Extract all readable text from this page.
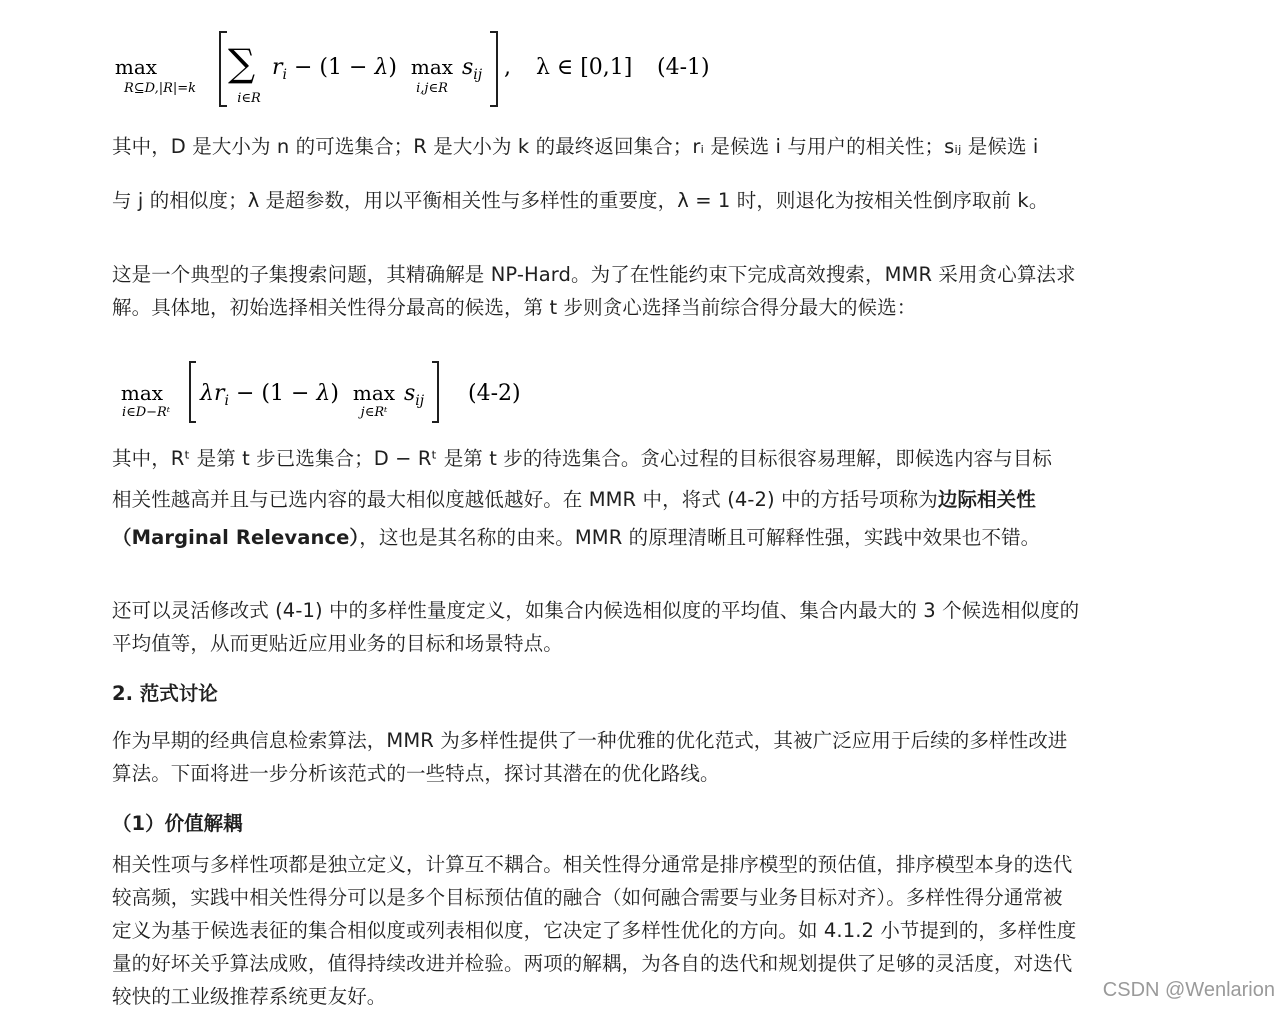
max
R⊆D,|R|=k
∑
i∈R
$r_i - (1 - \lambda)$ max
i,j∈R
$s_{ij}$ , λ ∈ [0,1] (4-1)
其中，D 是大小为 n 的可选集合；R 是大小为 k 的最终返回集合；rᵢ 是候选 i 与用户的相关性；sᵢⱼ 是候选 i
与 j 的相似度；λ 是超参数，用以平衡相关性与多样性的重要度，λ = 1 时，则退化为按相关性倒序取前 k。
这是一个典型的子集搜索问题，其精确解是 NP-Hard。为了在性能约束下完成高效搜索，MMR 采用贪心算法求
解。具体地，初始选择相关性得分最高的候选，第 t 步则贪心选择当前综合得分最大的候选：
max
i∈D−Rᵗ
$\lambda r_i - (1 - \lambda)$ max
j∈Rᵗ
$s_{ij}$ (4-2)
其中，Rᵗ 是第 t 步已选集合；D − Rᵗ 是第 t 步的待选集合。贪心过程的目标很容易理解，即候选内容与目标
相关性越高并且与已选内容的最大相似度越低越好。在 MMR 中，将式 (4-2) 中的方括号项称为边际相关性
（Marginal Relevance），这也是其名称的由来。MMR 的原理清晰且可解释性强，实践中效果也不错。
还可以灵活修改式 (4-1) 中的多样性量度定义，如集合内候选相似度的平均值、集合内最大的 3 个候选相似度的
平均值等，从而更贴近应用业务的目标和场景特点。
2. 范式讨论
作为早期的经典信息检索算法，MMR 为多样性提供了一种优雅的优化范式，其被广泛应用于后续的多样性改进
算法。下面将进一步分析该范式的一些特点，探讨其潜在的优化路线。
（1）价值解耦
相关性项与多样性项都是独立定义，计算互不耦合。相关性得分通常是排序模型的预估值，排序模型本身的迭代
较高频，实践中相关性得分可以是多个目标预估值的融合（如何融合需要与业务目标对齐）。多样性得分通常被
定义为基于候选表征的集合相似度或列表相似度，它决定了多样性优化的方向。如 4.1.2 小节提到的，多样性度
量的好坏关乎算法成败，值得持续改进并检验。两项的解耦，为各自的迭代和规划提供了足够的灵活度，对迭代
较快的工业级推荐系统更友好。	CSDN @Wenlarion
